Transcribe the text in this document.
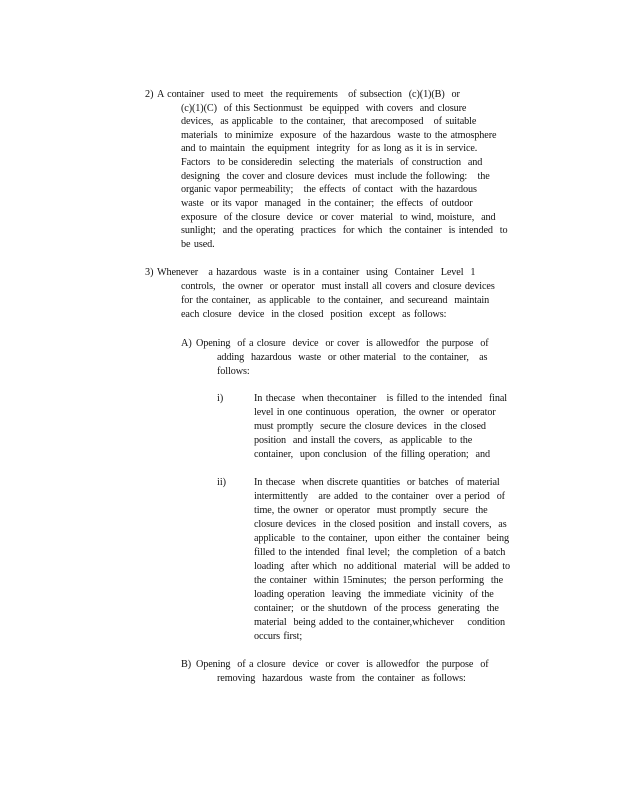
2) A container  used to meet  the requirements   of subsection  (c)(1)(B)  or
(c)(1)(C)  of this Sectionmust  be equipped  with covers  and closure
devices,  as applicable  to the container,  that arecomposed   of suitable
materials  to minimize  exposure  of the hazardous  waste to the atmosphere
and to maintain  the equipment  integrity  for as long as it is in service.
Factors  to be consideredin  selecting  the materials  of construction  and
designing  the cover and closure devices  must include the following:   the
organic vapor permeability;   the effects  of contact  with the hazardous
waste  or its vapor  managed  in the container;  the effects  of outdoor
exposure  of the closure  device  or cover  material  to wind, moisture,  and
sunlight;  and the operating  practices  for which  the container  is intended  to
be used.
3) Whenever   a hazardous  waste  is in a container  using  Container  Level  1
controls,  the owner  or operator  must install all covers and closure devices
for the container,  as applicable  to the container,  and secureand  maintain
each closure  device  in the closed  position  except  as follows:
A) Opening  of a closure  device  or cover  is allowedfor  the purpose  of
adding  hazardous  waste  or other material  to the container,   as
follows:
i)	In thecase  when thecontainer   is filled to the intended  final
level in one continuous  operation,  the owner  or operator
must promptly  secure the closure devices  in the closed
position  and install the covers,  as applicable  to the
container,  upon conclusion  of the filling operation;  and
ii)	In thecase  when discrete quantities  or batches  of material
intermittently   are added  to the container  over a period  of
time, the owner  or operator  must promptly  secure  the
closure devices  in the closed position  and install covers,  as
applicable  to the container,  upon either  the container  being
filled to the intended  final level;  the completion  of a batch
loading  after which  no additional  material  will be added to
the container  within 15minutes;  the person performing  the
loading operation  leaving  the immediate  vicinity  of the
container;  or the shutdown  of the process  generating  the
material  being added to the container,whichever    condition
occurs first;
B) Opening  of a closure  device  or cover  is allowedfor  the purpose  of
removing  hazardous  waste from  the container  as follows:
